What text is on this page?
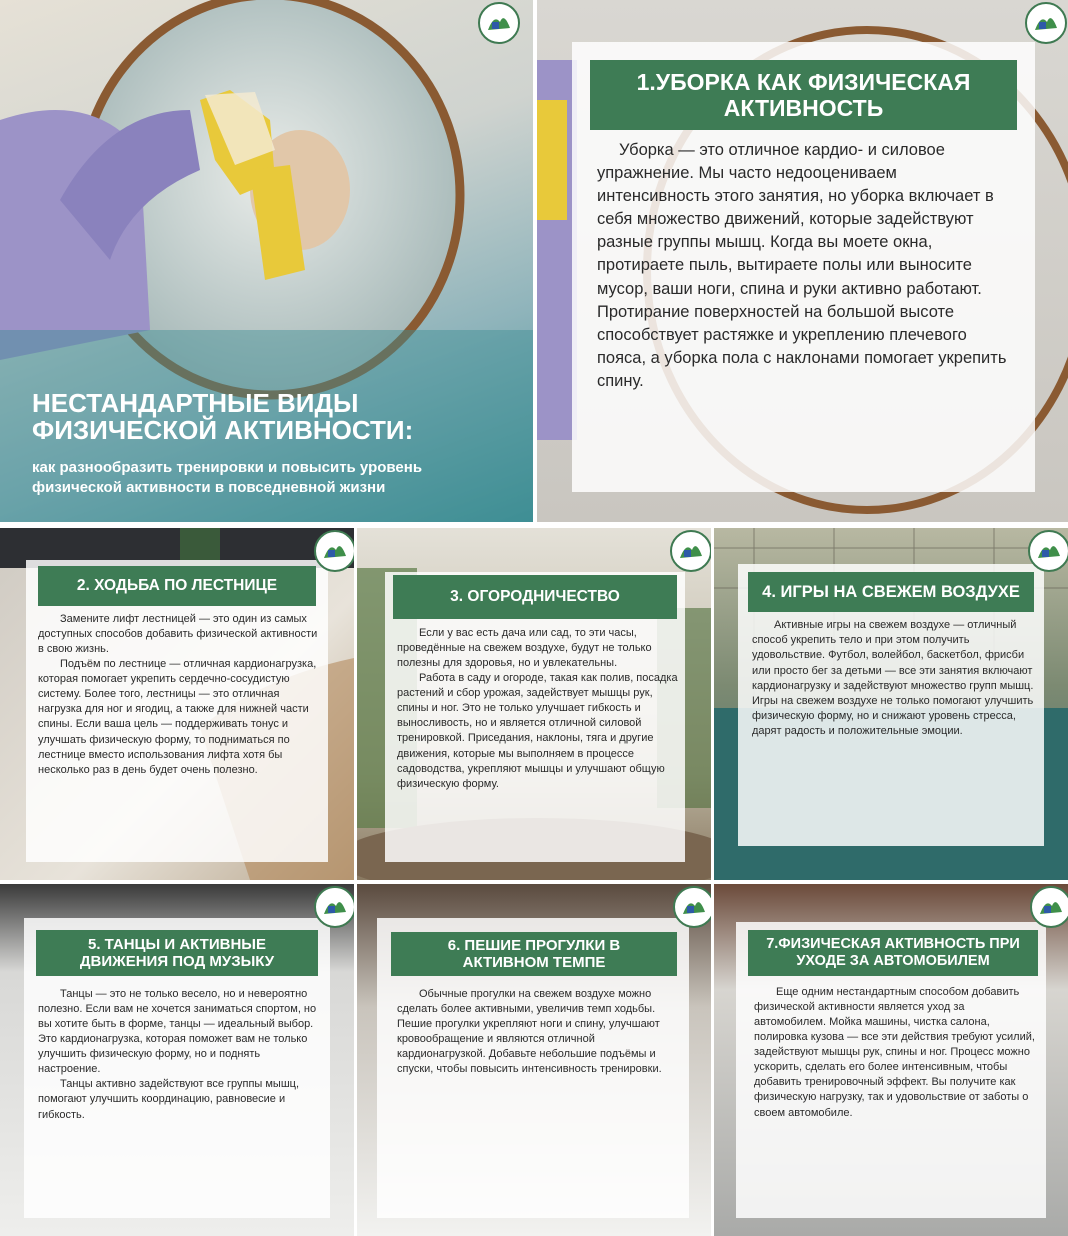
НЕСТАНДАРТНЫЕ ВИДЫ
ФИЗИЧЕСКОЙ АКТИВНОСТИ:
как разнообразить тренировки и повысить уровень
физической активности в повседневной жизни
1.УБОРКА КАК ФИЗИЧЕСКАЯ
АКТИВНОСТЬ

Уборка — это отличное кардио- и силовое упражнение. Мы часто недооцениваем интенсивность этого занятия, но уборка включает в себя множество движений, которые задействуют разные группы мышц. Когда вы моете окна, протираете пыль, вытираете полы или выносите мусор, ваши ноги, спина и руки активно работают. Протирание поверхностей на большой высоте способствует растяжке и укреплению плечевого пояса, а уборка пола с наклонами помогает укрепить спину.

2. ХОДЬБА ПО ЛЕСТНИЦЕ

Замените лифт лестницей — это один из самых доступных способов добавить физической активности в свою жизнь.

Подъём по лестнице — отличная кардионагрузка, которая помогает укрепить сердечно-сосудистую систему. Более того, лестницы — это отличная нагрузка для ног и ягодиц, а также для нижней части спины. Если ваша цель — поддерживать тонус и улучшать физическую форму, то подниматься по лестнице вместо использования лифта хотя бы несколько раз в день будет очень полезно.

3. ОГОРОДНИЧЕСТВО

Если у вас есть дача или сад, то эти часы, проведённые на свежем воздухе, будут не только полезны для здоровья, но и увлекательны.

Работа в саду и огороде, такая как полив, посадка растений и сбор урожая, задействует мышцы рук, спины и ног. Это не только улучшает гибкость и выносливость, но и является отличной силовой тренировкой. Приседания, наклоны, тяга и другие движения, которые мы выполняем в процессе садоводства, укрепляют мышцы и улучшают общую физическую форму.

4. ИГРЫ НА СВЕЖЕМ ВОЗДУХЕ

Активные игры на свежем воздухе — отличный способ укрепить тело и при этом получить удовольствие. Футбол, волейбол, баскетбол, фрисби или просто бег за детьми — все эти занятия включают кардионагрузку и задействуют множество групп мышц. Игры на свежем воздухе не только помогают улучшить физическую форму, но и снижают уровень стресса, дарят радость и положительные эмоции.

5. ТАНЦЫ И АКТИВНЫЕ
ДВИЖЕНИЯ ПОД МУЗЫКУ

Танцы — это не только весело, но и невероятно полезно. Если вам не хочется заниматься спортом, но вы хотите быть в форме, танцы — идеальный выбор. Это кардионагрузка, которая поможет вам не только улучшить физическую форму, но и поднять настроение.

Танцы активно задействуют все группы мышц, помогают улучшить координацию, равновесие и гибкость.

6. ПЕШИЕ ПРОГУЛКИ В
АКТИВНОМ ТЕМПЕ

Обычные прогулки на свежем воздухе можно сделать более активными, увеличив темп ходьбы. Пешие прогулки укрепляют ноги и спину, улучшают кровообращение и являются отличной кардионагрузкой. Добавьте небольшие подъёмы и спуски, чтобы повысить интенсивность тренировки.

7.ФИЗИЧЕСКАЯ АКТИВНОСТЬ ПРИ
УХОДЕ ЗА АВТОМОБИЛЕМ

Еще одним нестандартным способом добавить физической активности является уход за автомобилем. Мойка машины, чистка салона, полировка кузова — все эти действия требуют усилий, задействуют мышцы рук, спины и ног. Процесс можно ускорить, сделать его более интенсивным, чтобы добавить тренировочный эффект. Вы получите как физическую нагрузку, так и удовольствие от заботы о своем автомобиле.
